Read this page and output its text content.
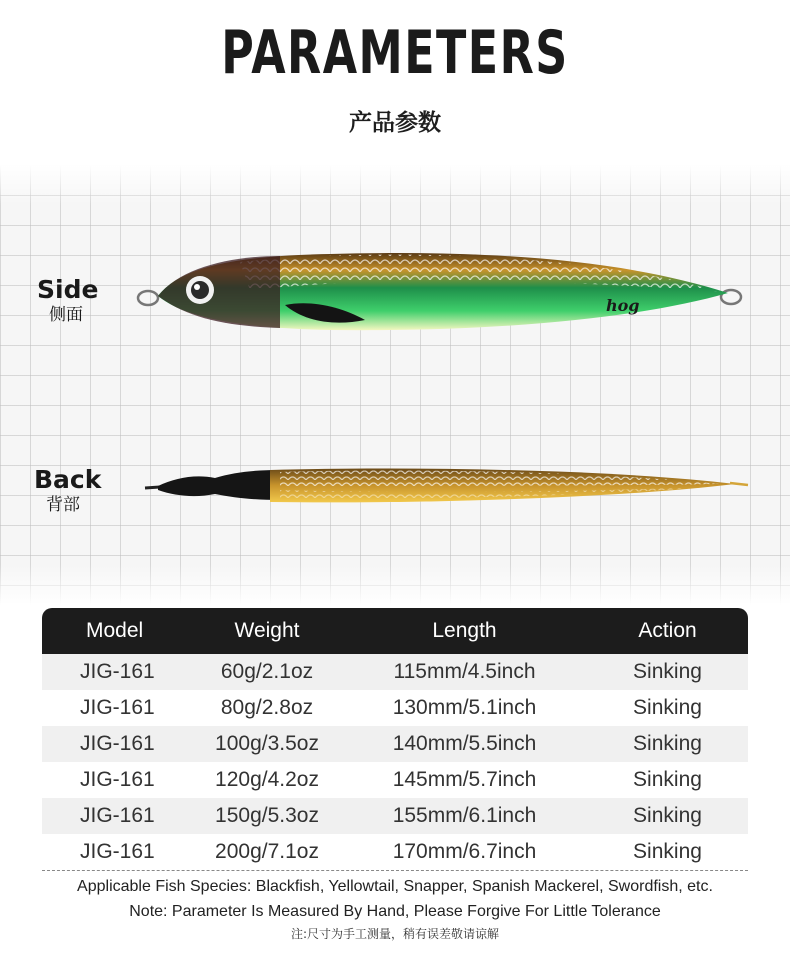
PARAMETERS
产品参数
Side
侧面
Back
背部
hog
Model	Weight	Length	Action
JIG-161	60g/2.1oz	115mm/4.5inch	Sinking
JIG-161	80g/2.8oz	130mm/5.1inch	Sinking
JIG-161	100g/3.5oz	140mm/5.5inch	Sinking
JIG-161	120g/4.2oz	145mm/5.7inch	Sinking
JIG-161	150g/5.3oz	155mm/6.1inch	Sinking
JIG-161	200g/7.1oz	170mm/6.7inch	Sinking
Applicable Fish Species: Blackfish, Yellowtail, Snapper, Spanish Mackerel, Swordfish, etc.
Note: Parameter Is Measured By Hand, Please Forgive For Little Tolerance
注:尺寸为手工测量，稍有误差敬请谅解
